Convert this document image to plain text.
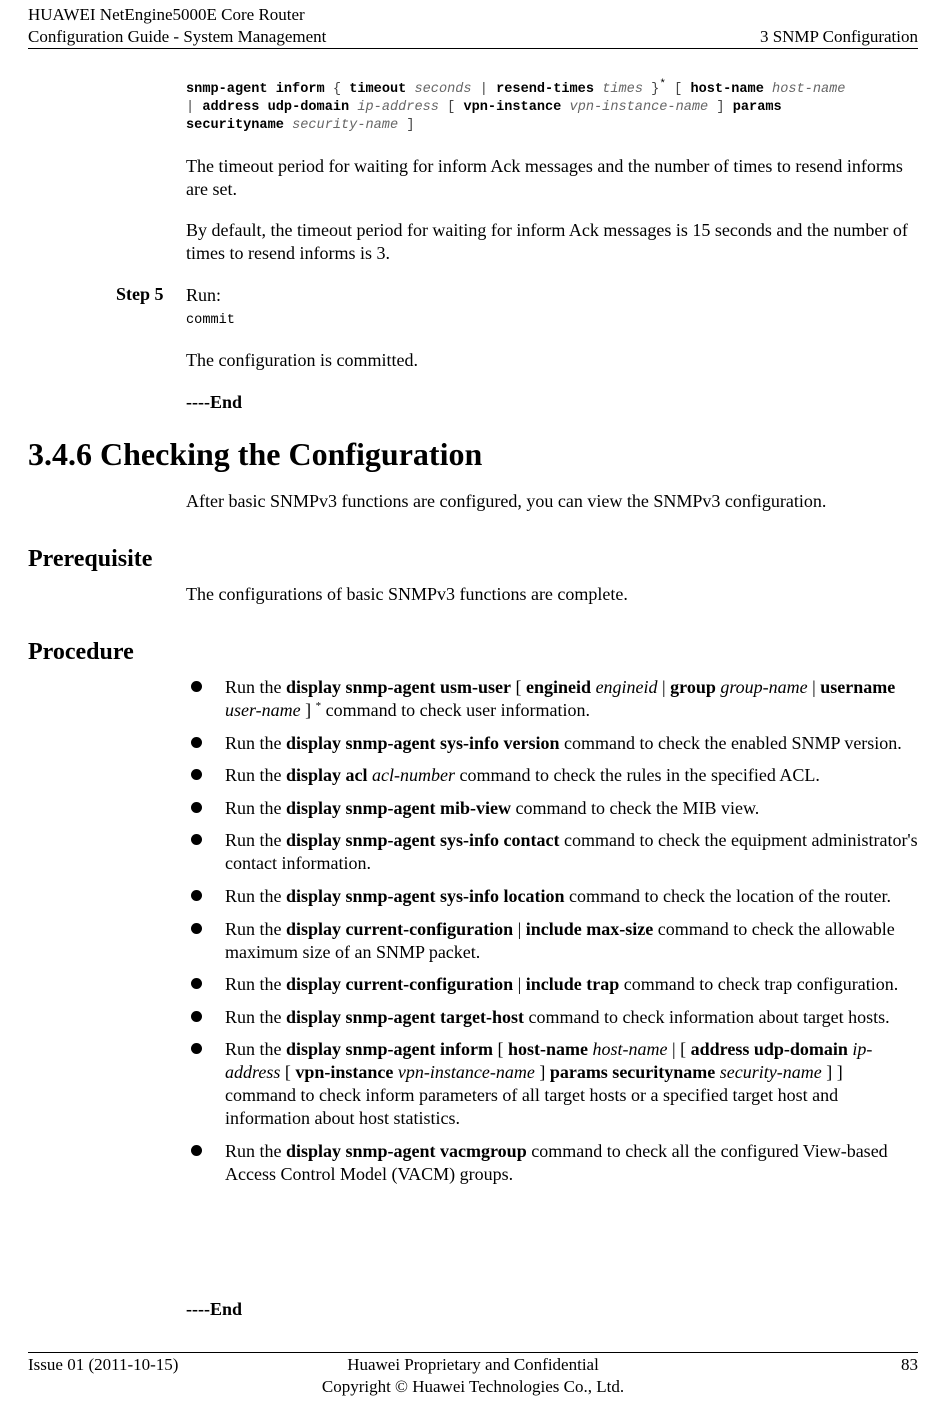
HUAWEI NetEngine5000E Core Router
Configuration Guide - System Management	3 SNMP Configuration
snmp-agent inform { timeout seconds | resend-times times }* [ host-name host-name
| address udp-domain ip-address [ vpn-instance vpn-instance-name ] params
securityname security-name ]
The timeout period for waiting for inform Ack messages and the number of times to resend informs are set.
By default, the timeout period for waiting for inform Ack messages is 15 seconds and the number of times to resend informs is 3.
Step 5 Run:
commit
The configuration is committed.
----End
3.4.6 Checking the Configuration
After basic SNMPv3 functions are configured, you can view the SNMPv3 configuration.
Prerequisite
The configurations of basic SNMPv3 functions are complete.
Procedure
Run the display snmp-agent usm-user [ engineid engineid | group group-name | username user-name ] * command to check user information.
Run the display snmp-agent sys-info version command to check the enabled SNMP version.
Run the display acl acl-number command to check the rules in the specified ACL.
Run the display snmp-agent mib-view command to check the MIB view.
Run the display snmp-agent sys-info contact command to check the equipment administrator's contact information.
Run the display snmp-agent sys-info location command to check the location of the router.
Run the display current-configuration | include max-size command to check the allowable maximum size of an SNMP packet.
Run the display current-configuration | include trap command to check trap configuration.
Run the display snmp-agent target-host command to check information about target hosts.
Run the display snmp-agent inform [ host-name host-name | [ address udp-domain ip-address [ vpn-instance vpn-instance-name ] params securityname security-name ] ] command to check inform parameters of all target hosts or a specified target host and information about host statistics.
Run the display snmp-agent vacmgroup command to check all the configured View-based Access Control Model (VACM) groups.
----End
Issue 01 (2011-10-15)	Huawei Proprietary and Confidential
Copyright © Huawei Technologies Co., Ltd.
83
